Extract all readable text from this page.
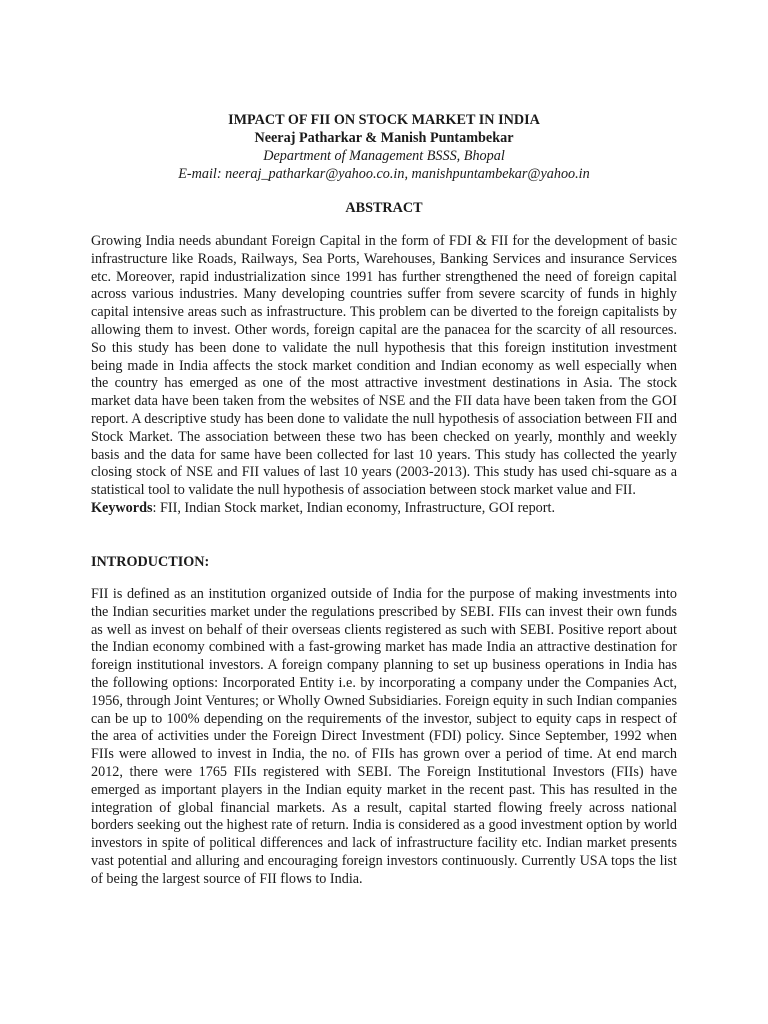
IMPACT OF FII ON STOCK MARKET IN INDIA
Neeraj Patharkar & Manish Puntambekar
Department of Management BSSS, Bhopal
E-mail: neeraj_patharkar@yahoo.co.in, manishpuntambekar@yahoo.in
ABSTRACT

Growing India needs abundant Foreign Capital in the form of FDI & FII for the development of basic infrastructure like Roads, Railways, Sea Ports, Warehouses, Banking Services and insurance Services etc. Moreover, rapid industrialization since 1991 has further strengthened the need of foreign capital across various industries. Many developing countries suffer from severe scarcity of funds in highly capital intensive areas such as infrastructure. This problem can be diverted to the foreign capitalists by allowing them to invest. Other words, foreign capital are the panacea for the scarcity of all resources. So this study has been done to validate the null hypothesis that this foreign institution investment being made in India affects the stock market condition and Indian economy as well especially when the country has emerged as one of the most attractive investment destinations in Asia. The stock market data have been taken from the websites of NSE and the FII data have been taken from the GOI report. A descriptive study has been done to validate the null hypothesis of association between FII and Stock Market. The association between these two has been checked on yearly, monthly and weekly basis and the data for same have been collected for last 10 years. This study has collected the yearly closing stock of NSE and FII values of last 10 years (2003-2013). This study has used chi-square as a statistical tool to validate the null hypothesis of association between stock market value and FII.

Keywords: FII, Indian Stock market, Indian economy, Infrastructure, GOI report.

INTRODUCTION:

FII is defined as an institution organized outside of India for the purpose of making investments into the Indian securities market under the regulations prescribed by SEBI. FIIs can invest their own funds as well as invest on behalf of their overseas clients registered as such with SEBI. Positive report about the Indian economy combined with a fast-growing market has made India an attractive destination for foreign institutional investors. A foreign company planning to set up business operations in India has the following options: Incorporated Entity i.e. by incorporating a company under the Companies Act, 1956, through Joint Ventures; or Wholly Owned Subsidiaries. Foreign equity in such Indian companies can be up to 100% depending on the requirements of the investor, subject to equity caps in respect of the area of activities under the Foreign Direct Investment (FDI) policy. Since September, 1992 when FIIs were allowed to invest in India, the no. of FIIs has grown over a period of time. At end march 2012, there were 1765 FIIs registered with SEBI. The Foreign Institutional Investors (FIIs) have emerged as important players in the Indian equity market in the recent past. This has resulted in the integration of global financial markets. As a result, capital started flowing freely across national borders seeking out the highest rate of return. India is considered as a good investment option by world investors in spite of political differences and lack of infrastructure facility etc. Indian market presents vast potential and alluring and encouraging foreign investors continuously. Currently USA tops the list of being the largest source of FII flows to India.
